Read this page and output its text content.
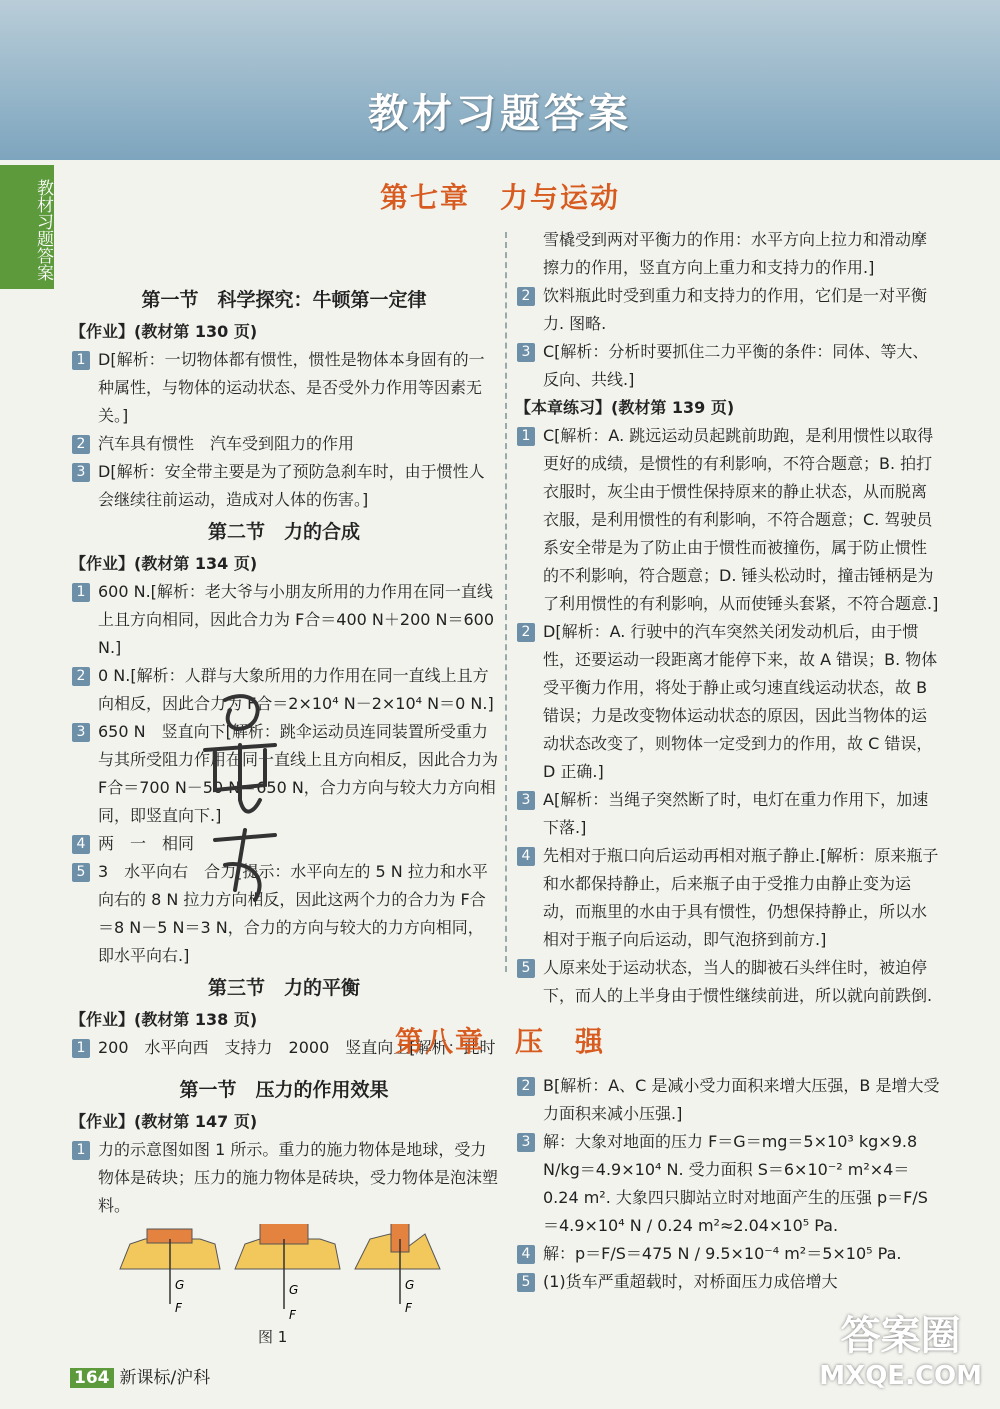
教材习题答案
教材习题答案	第七章　力与运动
第一节　科学探究：牛顿第一定律
【作业】(教材第 130 页)
1 D[解析：一切物体都有惯性，惯性是物体本身固有的一种属性，与物体的运动状态、是否受外力作用等因素无关。]
2 汽车具有惯性　汽车受到阻力的作用
3 D[解析：安全带主要是为了预防急刹车时，由于惯性人会继续往前运动，造成对人体的伤害。]
第二节　力的合成
【作业】(教材第 134 页)
1 600 N.[解析：老大爷与小朋友所用的力作用在同一直线上且方向相同，因此合力为 F合＝400 N＋200 N＝600 N.]
2 0 N.[解析：人群与大象所用的力作用在同一直线上且方向相反，因此合力为 F合＝2×10⁴ N－2×10⁴ N＝0 N.]
3 650 N　竖直向下[解析：跳伞运动员连同装置所受重力与其所受阻力作用在同一直线上且方向相反，因此合力为 F合＝700 N－50 N＝650 N，合力方向与较大力方向相同，即竖直向下.]
4 两　一　相同
5 3　水平向右　合力[提示：水平向左的 5 N 拉力和水平向右的 8 N 拉力方向相反，因此这两个力的合力为 F合＝8 N－5 N＝3 N，合力的方向与较大的力方向相同，即水平向右.]
第三节　力的平衡
【作业】(教材第 138 页)
1 200　水平向西　支持力　2000　竖直向上[解析：此时
雪橇受到两对平衡力的作用：水平方向上拉力和滑动摩擦力的作用，竖直方向上重力和支持力的作用.]
2 饮料瓶此时受到重力和支持力的作用，它们是一对平衡力. 图略.
3 C[解析：分析时要抓住二力平衡的条件：同体、等大、反向、共线.]
【本章练习】(教材第 139 页)
1 C[解析：A. 跳远运动员起跳前助跑，是利用惯性以取得更好的成绩，是惯性的有利影响，不符合题意；B. 拍打衣服时，灰尘由于惯性保持原来的静止状态，从而脱离衣服，是利用惯性的有利影响，不符合题意；C. 驾驶员系安全带是为了防止由于惯性而被撞伤，属于防止惯性的不利影响，符合题意；D. 锤头松动时，撞击锤柄是为了利用惯性的有利影响，从而使锤头套紧，不符合题意.]
2 D[解析：A. 行驶中的汽车突然关闭发动机后，由于惯性，还要运动一段距离才能停下来，故 A 错误；B. 物体受平衡力作用，将处于静止或匀速直线运动状态，故 B 错误；力是改变物体运动状态的原因，因此当物体的运动状态改变了，则物体一定受到力的作用，故 C 错误，D 正确.]
3 A[解析：当绳子突然断了时，电灯在重力作用下，加速下落.]
4 先相对于瓶口向后运动再相对瓶子静止.[解析：原来瓶子和水都保持静止，后来瓶子由于受推力由静止变为运动，而瓶里的水由于具有惯性，仍想保持静止，所以水相对于瓶子向后运动，即气泡挤到前方.]
5 人原来处于运动状态，当人的脚被石头绊住时，被迫停下，而人的上半身由于惯性继续前进，所以就向前跌倒.
第八章　压　强
第一节　压力的作用效果
【作业】(教材第 147 页)
1 力的示意图如图 1 所示。重力的施力物体是地球，受力物体是砖块；压力的施力物体是砖块，受力物体是泡沫塑料。
2 B[解析：A、C 是减小受力面积来增大压强，B 是增大受力面积来减小压强.]
3 解：大象对地面的压力 F＝G＝mg＝5×10³ kg×9.8 N/kg＝4.9×10⁴ N. 受力面积 S＝6×10⁻² m²×4＝0.24 m². 大象四只脚站立时对地面产生的压强 p＝F/S＝4.9×10⁴ N / 0.24 m²≈2.04×10⁵ Pa.
4 解：p＝F/S＝475 N / 9.5×10⁻⁴ m²＝5×10⁵ Pa.
5 (1)货车严重超载时，对桥面压力成倍增大
G
F
G
F
G
F
图 1
164 新课标/沪科
答案圈
MXQE.COM
